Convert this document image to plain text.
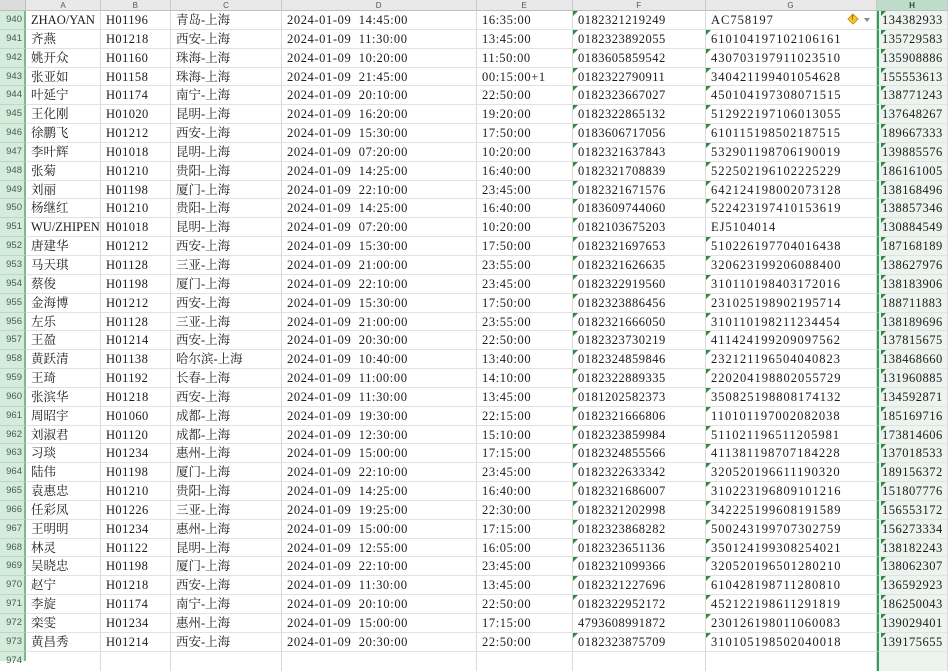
A	B	C	D	E	F	G	H
940 ZHAO/YAN H01196	青岛-上海	2024-01-09  14:45:00	16:35:00	0182321219249	AC758197	!	134382933
941 齐燕	H01218	西安-上海	2024-01-09  11:30:00	13:45:00	0182323892055	610104197102106161	135729583
942 姚开众	H01160	珠海-上海	2024-01-09  10:20:00	11:50:00	0183605859542	430703197911023510	135908886
943 张亚如	H01158	珠海-上海	2024-01-09  21:45:00	00:15:00+1	0182322790911	340421199401054628	155553613
944 叶延宁	H01174	南宁-上海	2024-01-09  20:10:00	22:50:00	0182323667027	450104197308071515	138771243
945 王化刚	H01020	昆明-上海	2024-01-09  16:20:00	19:20:00	0182322865132	512922197106013055	137648267
946 徐鹏飞	H01212	西安-上海	2024-01-09  15:30:00	17:50:00	0183606717056	610115198502187515	189667333
947 李叶辉	H01018	昆明-上海	2024-01-09  07:20:00	10:20:00	0182321637843	532901198706190019	139885576
948 张菊	H01210	贵阳-上海	2024-01-09  14:25:00	16:40:00	0182321708839	522502196102225229	186161005
949 刘丽	H01198	厦门-上海	2024-01-09  22:10:00	23:45:00	0182321671576	642124198002073128	138168496
950 杨继红	H01210	贵阳-上海	2024-01-09  14:25:00	16:40:00	0183609744060	522423197410153619	138857346
951 WU/ZHIPEN H01018	昆明-上海	2024-01-09  07:20:00	10:20:00	0182103675203	EJ5104014	130884549
952 唐建华	H01212	西安-上海	2024-01-09  15:30:00	17:50:00	0182321697653	510226197704016438	187168189
953 马天琪	H01128	三亚-上海	2024-01-09  21:00:00	23:55:00	0182321626635	320623199206088400	138627976
954 蔡俊	H01198	厦门-上海	2024-01-09  22:10:00	23:45:00	0182322919560	310110198403172016	138183906
955 金海博	H01212	西安-上海	2024-01-09  15:30:00	17:50:00	0182323886456	231025198902195714	188711883
956 左乐	H01128	三亚-上海	2024-01-09  21:00:00	23:55:00	0182321666050	310110198211234454	138189696
957 王盈	H01214	西安-上海	2024-01-09  20:30:00	22:50:00	0182323730219	411424199209097562	137815675
958 黄跃清	H01138	哈尔滨-上海	2024-01-09  10:40:00	13:40:00	0182324859846	232121196504040823	138468660
959 王琦	H01192	长春-上海	2024-01-09  11:00:00	14:10:00	0182322889335	220204198802055729	131960885
960 张滨华	H01218	西安-上海	2024-01-09  11:30:00	13:45:00	0181202582373	350825198808174132	134592871
961 周昭宇	H01060	成都-上海	2024-01-09  19:30:00	22:15:00	0182321666806	110101197002082038	185169716
962 刘淑君	H01120	成都-上海	2024-01-09  12:30:00	15:10:00	0182323859984	511021196511205981	173814606
963 习琰	H01234	惠州-上海	2024-01-09  15:00:00	17:15:00	0182324855566	411381198707184228	137018533
964 陆伟	H01198	厦门-上海	2024-01-09  22:10:00	23:45:00	0182322633342	320520196611190320	189156372
965 袁惠忠	H01210	贵阳-上海	2024-01-09  14:25:00	16:40:00	0182321686007	310223196809101216	151807776
966 任彩凤	H01226	三亚-上海	2024-01-09  19:25:00	22:30:00	0182321202998	342225199608191589	156553172
967 王明明	H01234	惠州-上海	2024-01-09  15:00:00	17:15:00	0182323868282	500243199707302759	156273334
968 林灵	H01122	昆明-上海	2024-01-09  12:55:00	16:05:00	0182323651136	350124199308254021	138182243
969 吴晓忠	H01198	厦门-上海	2024-01-09  22:10:00	23:45:00	0182321099366	320520196501280210	138062307
970 赵宁	H01218	西安-上海	2024-01-09  11:30:00	13:45:00	0182321227696	610428198711280810	136592923
971 李旋	H01174	南宁-上海	2024-01-09  20:10:00	22:50:00	0182322952172	452122198611291819	186250043
972 栾雯	H01234	惠州-上海	2024-01-09  15:00:00	17:15:00	4793608991872	230126198011060083	139029401
973 黄昌秀	H01214	西安-上海	2024-01-09  20:30:00	22:50:00	0182323875709	310105198502040018	139175655
974
